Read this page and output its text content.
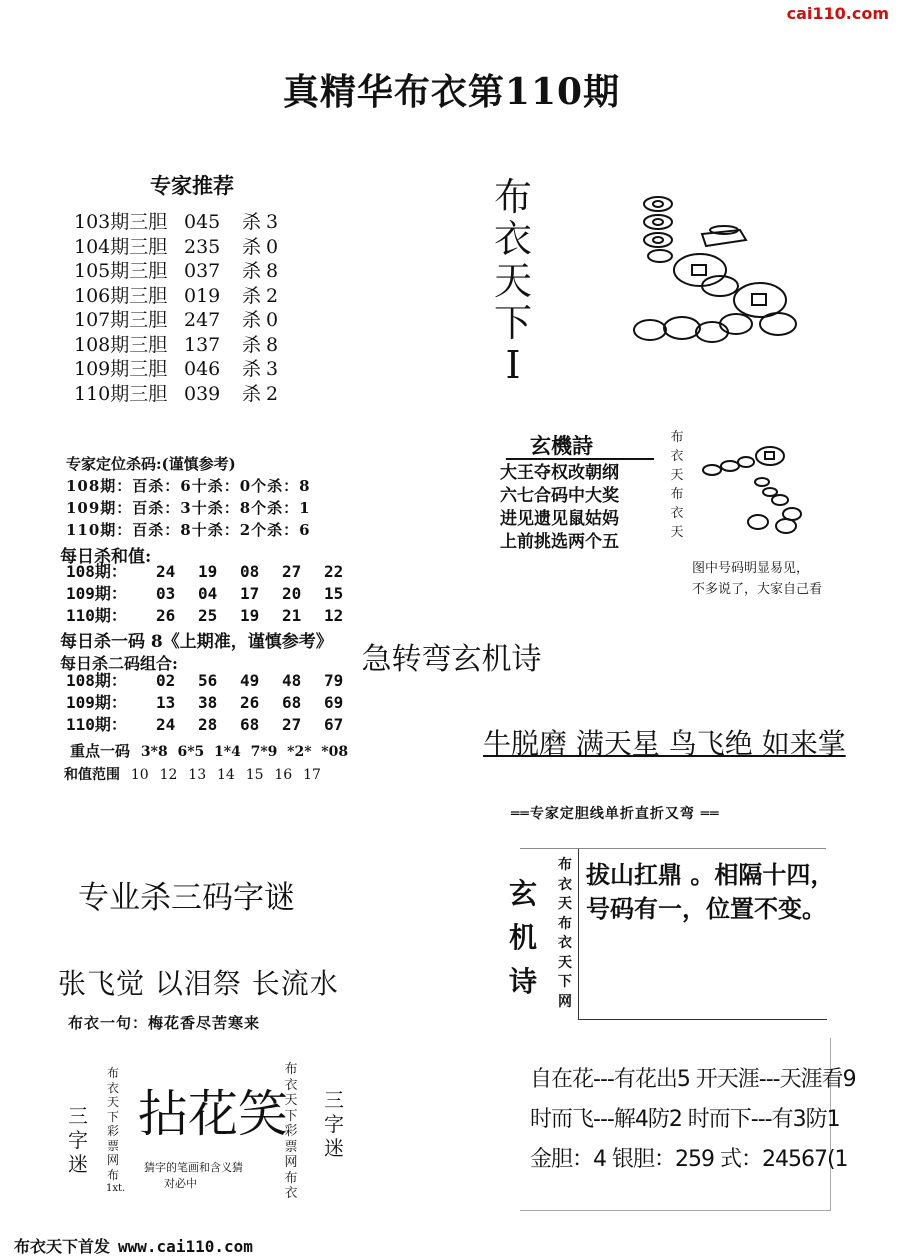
cai110.com
真精华布衣第110期
专家推荐
103期三胆 045 杀 3
104期三胆 235 杀 0
105期三胆 037 杀 8
106期三胆 019 杀 2
107期三胆 247 杀 0
108期三胆 137 杀 8
109期三胆 046 杀 3
110期三胆 039 杀 2
专家定位杀码:(谨慎参考)
108期：百杀：6十杀：0个杀：8
109期：百杀：3十杀：8个杀：1
110期：百杀：8十杀：2个杀：6
每日杀和值:
108期： 24 19 08 27 22
109期： 03 04 17 20 15
110期： 26 25 19 21 12
每日杀一码 8《上期准，谨慎参考》
每日杀二码组合:
108期： 02 56 49 48 79
109期： 13 38 26 68 69
110期： 24 28 68 27 67
重点一码 3*8 6*5 1*4 7*9 *2* *08
和值范围 10 12 13 14 15 16 17
布
衣
天
下
I
玄機詩
大王夺权改朝纲
六七合码中大奖
进见遗见鼠姑妈
上前挑选两个五
布
衣
天
布
衣
天
图中号码明显易见，
不多说了，大家自己看
急转弯玄机诗
牛脱磨 满天星 鸟飞绝 如来掌
══专家定胆线单折直折又弯 ══
玄
机
诗
布
衣
天
布
衣
天
下
网
拔山扛鼎 。相隔十四，
号码有一，位置不变。
自在花---有花出5 开天涯---天涯看9
时而飞---解4防2 时而下---有3防1
金胆：4 银胆：259 式：24567(1
专业杀三码字谜
张飞觉 以泪祭 长流水
布衣一句：梅花香尽苦寒来
三
字
迷
布
衣
天
下
彩
票
网
布
1xt.
拈花笑
猜字的笔画和含义猜
对必中
布
衣
天
下
彩
票
网
布
衣
三
字
迷
布衣天下首发 www.cai110.com
